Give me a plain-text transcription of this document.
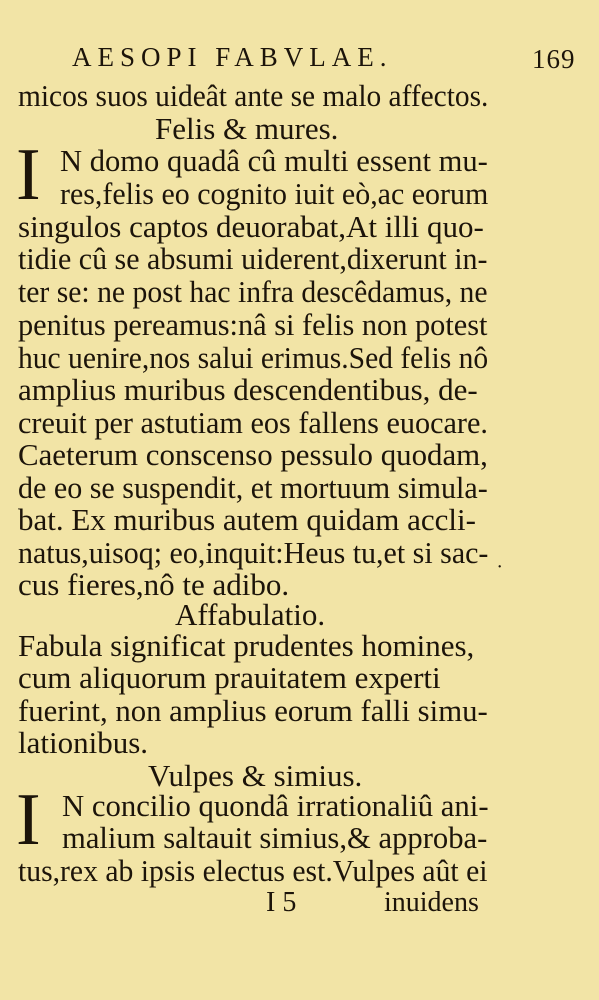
AESOPI FABVLAE.	169
micos suos uideât ante se malo affectos.
Felis & mures.
I N domo quadâ cû multi essent mu-
res,felis eo cognito iuit eò,ac eorum
singulos captos deuorabat,At illi quo-
tidie cû se absumi uiderent,dixerunt in-
ter se: ne post hac infra descêdamus, ne
penitus pereamus:nâ si felis non potest
huc uenire,nos salui erimus.Sed felis nô
amplius muribus descendentibus, de-
creuit per astutiam eos fallens euocare.
Caeterum conscenso pessulo quodam,
de eo se suspendit, et mortuum simula-
bat. Ex muribus autem quidam accli-
natus,uisoq; eo,inquit:Heus tu,et si sac-
cus fieres,nô te adibo.	˙
Affabulatio.
Fabula significat prudentes homines,
cum aliquorum prauitatem experti
fuerint, non amplius eorum falli simu-
lationibus.
Vulpes & simius.
I N concilio quondâ irrationaliû ani-
malium saltauit simius,& approba-
tus,rex ab ipsis electus est.Vulpes aût ei
I 5	inuidens
